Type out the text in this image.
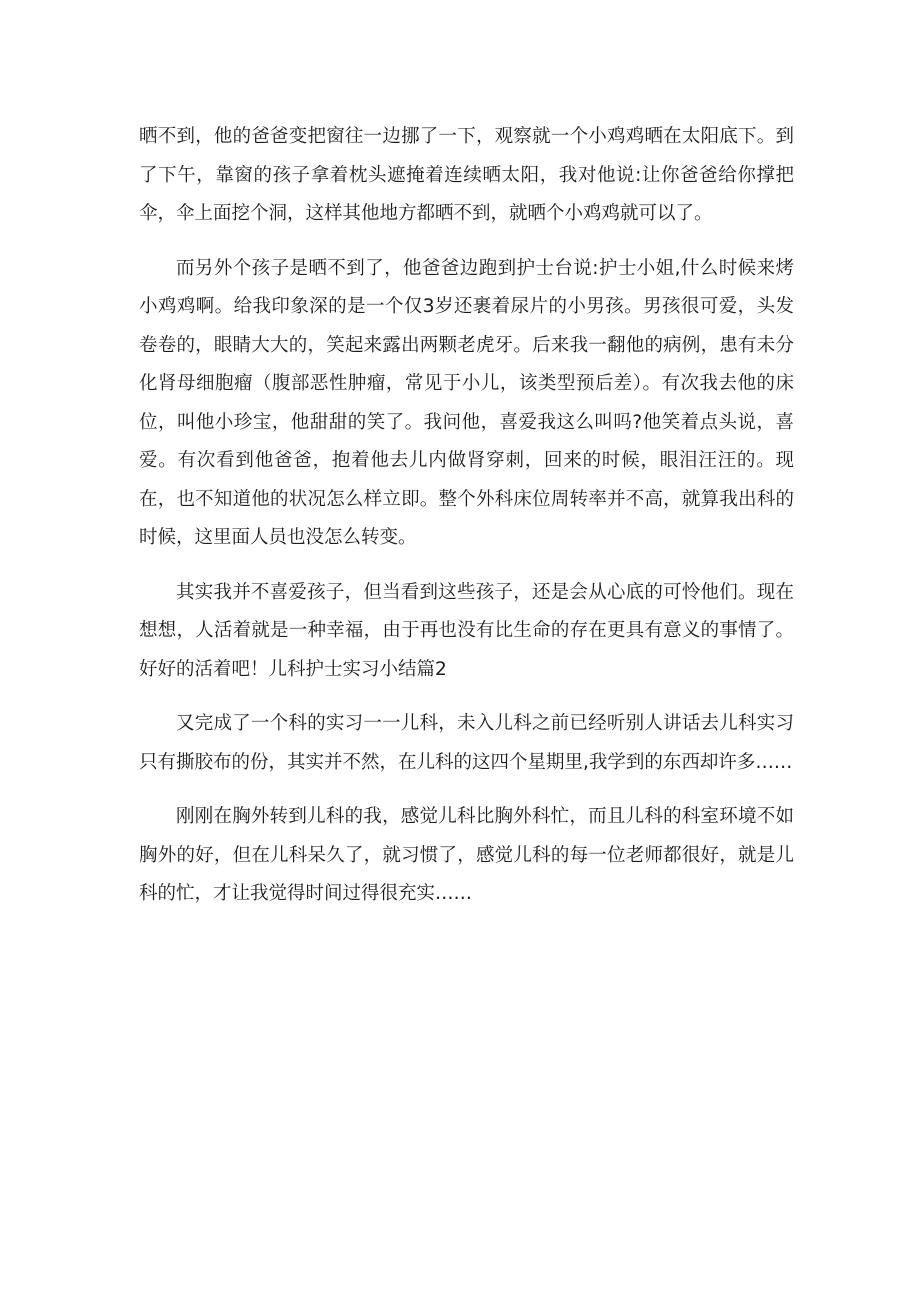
晒不到，他的爸爸变把窗往一边挪了一下，观察就一个小鸡鸡晒在太阳底下。到了下午，靠窗的孩子拿着枕头遮掩着连续晒太阳，我对他说:让你爸爸给你撑把伞，伞上面挖个洞，这样其他地方都晒不到，就晒个小鸡鸡就可以了。

而另外个孩子是晒不到了，他爸爸边跑到护士台说:护士小姐,什么时候来烤小鸡鸡啊。给我印象深的是一个仅3岁还裹着尿片的小男孩。男孩很可爱，头发卷卷的，眼睛大大的，笑起来露出两颗老虎牙。后来我一翻他的病例，患有未分化肾母细胞瘤（腹部恶性肿瘤，常见于小儿，该类型预后差）。有次我去他的床位，叫他小珍宝，他甜甜的笑了。我问他，喜爱我这么叫吗?他笑着点头说，喜爱。有次看到他爸爸，抱着他去儿内做肾穿刺，回来的时候，眼泪汪汪的。现在，也不知道他的状况怎么样立即。整个外科床位周转率并不高，就算我出科的时候，这里面人员也没怎么转变。

其实我并不喜爱孩子，但当看到这些孩子，还是会从心底的可怜他们。现在想想，人活着就是一种幸福，由于再也没有比生命的存在更具有意义的事情了。好好的活着吧！儿科护士实习小结篇2

又完成了一个科的实习一一儿科，未入儿科之前已经听别人讲话去儿科实习只有撕胶布的份，其实并不然，在儿科的这四个星期里,我学到的东西却许多……

刚刚在胸外转到儿科的我，感觉儿科比胸外科忙，而且儿科的科室环境不如胸外的好，但在儿科呆久了，就习惯了，感觉儿科的每一位老师都很好，就是儿科的忙，才让我觉得时间过得很充实……
